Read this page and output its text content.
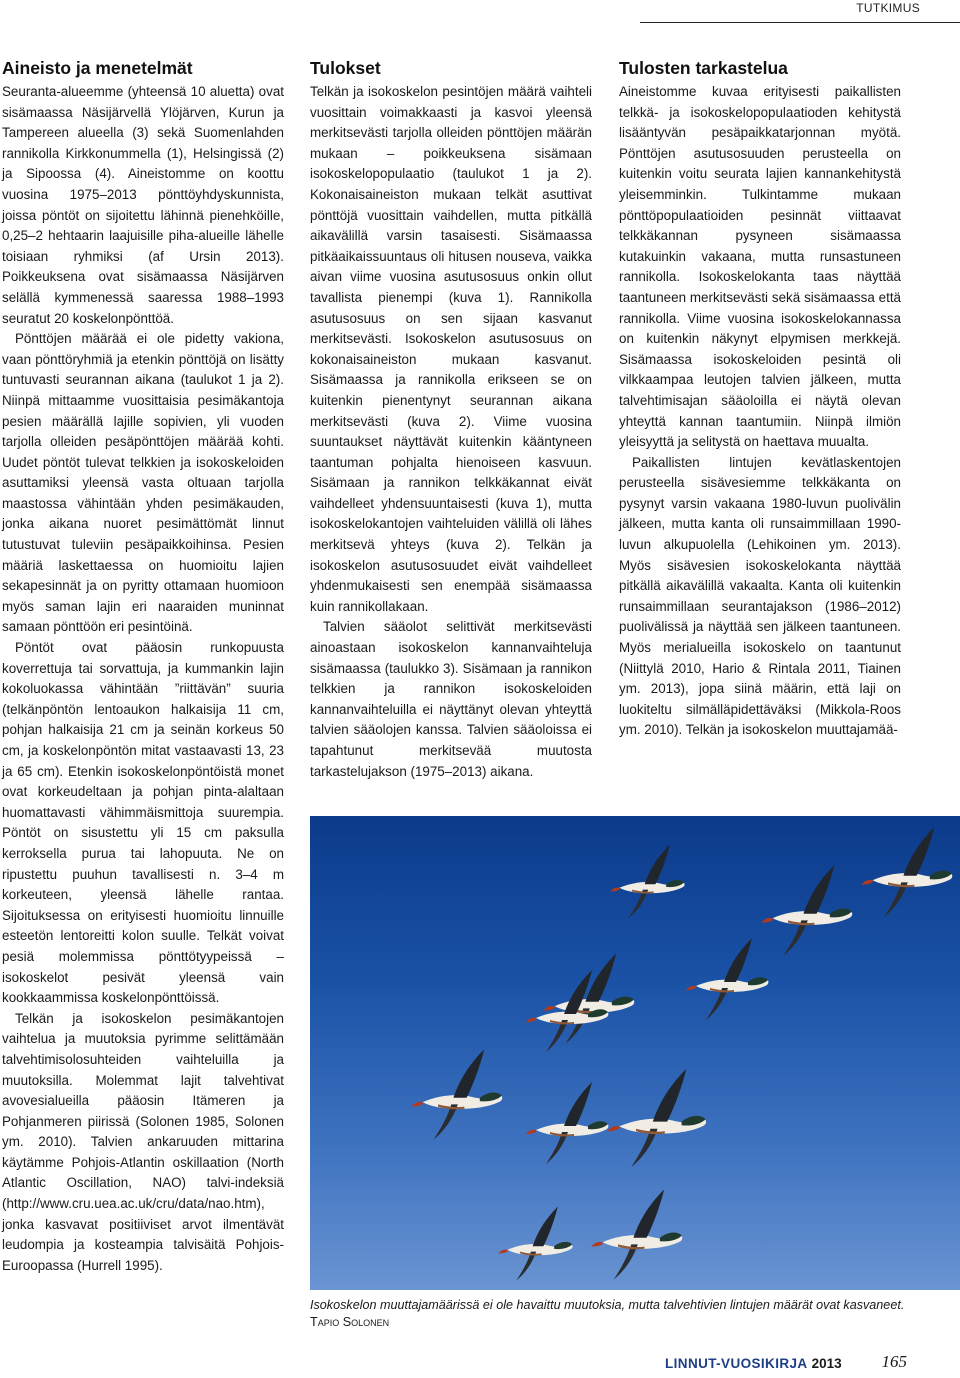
TUTKIMUS
Aineisto ja menetelmät

Seuranta-alueemme (yhteensä 10 aluetta) ovat sisämaassa Näsijärvellä Ylöjärven, Kurun ja Tampereen alueella (3) sekä Suomenlahden rannikolla Kirkkonummella (1), Helsingissä (2) ja Sipoossa (4). Aineistomme on koottu vuosina 1975–2013 pönttöyhdyskunnista, joissa pöntöt on sijoitettu lähinnä pienehköille, 0,25–2 hehtaarin laajuisille piha-alueille lähelle toisiaan ryhmiksi (af Ursin 2013). Poikkeuksena ovat sisämaassa Näsijärven selällä kymmenessä saaressa 1988–1993 seuratut 20 koskelonpönttöä.

Pönttöjen määrää ei ole pidetty vakiona, vaan pönttöryhmiä ja etenkin pönttöjä on lisätty tuntuvasti seurannan aikana (taulukot 1 ja 2). Niinpä mittaamme vuosittaisia pesimäkantoja pesien määrällä lajille sopivien, yli vuoden tarjolla olleiden pesäpönttöjen määrää kohti. Uudet pöntöt tulevat telkkien ja isokoskeloiden asuttamiksi yleensä vasta oltuaan tarjolla maastossa vähintään yhden pesimäkauden, jonka aikana nuoret pesimättömät linnut tutustuvat tuleviin pesäpaikkoihinsa. Pesien määriä laskettaessa on huomioitu lajien sekapesinnät ja on pyritty ottamaan huomioon myös saman lajin eri naaraiden muninnat samaan pönttöön eri pesintöinä.

Pöntöt ovat pääosin runkopuusta koverrettuja tai sorvattuja, ja kummankin lajin kokoluokassa vähintään ”riittävän” suuria (telkänpöntön lentoaukon halkaisija 11 cm, pohjan halkaisija 21 cm ja seinän korkeus 50 cm, ja koskelonpöntön mitat vastaavasti 13, 23 ja 65 cm). Etenkin isokoskelonpöntöistä monet ovat korkeudeltaan ja pohjan pinta-alaltaan huomattavasti vähimmäismittoja suurempia. Pöntöt on sisustettu yli 15 cm paksulla kerroksella purua tai lahopuuta. Ne on ripustettu puuhun tavallisesti n. 3–4 m korkeuteen, yleensä lähelle rantaa. Sijoituksessa on erityisesti huomioitu linnuille esteetön lentoreitti kolon suulle. Telkät voivat pesiä molemmissa pönttötyypeissä – isokoskelot pesivät yleensä vain kookkaammissa koskelonpönttöissä.

Telkän ja isokoskelon pesimäkantojen vaihtelua ja muutoksia pyrimme selittämään talvehtimisolosuhteiden vaihteluilla ja muutoksilla. Molemmat lajit talvehtivat avovesialueilla pääosin Itämeren ja Pohjanmeren piirissä (Solonen 1985, Solonen ym. 2010). Talvien ankaruuden mittarina käytämme Pohjois-Atlantin oskillaation (North Atlantic Oscillation, NAO) talvi-indeksiä (http://www.cru.uea.ac.uk/cru/data/nao.htm), jonka kasvavat positiiviset arvot ilmentävät leudompia ja kosteampia talvisäitä Pohjois-Euroopassa (Hurrell 1995).

Tulokset

Telkän ja isokoskelon pesintöjen määrä vaihteli vuosittain voimakkaasti ja kasvoi yleensä merkitsevästi tarjolla olleiden pönttöjen määrän mukaan – poikkeuksena sisämaan isokoskelopopulaatio (taulukot 1 ja 2). Kokonaisaineiston mukaan telkät asuttivat pönttöjä vuosittain vaihdellen, mutta pitkällä aikavälillä varsin tasaisesti. Sisämaassa pitkäaikaissuuntaus oli hitusen nouseva, vaikka aivan viime vuosina asutusosuus onkin ollut tavallista pienempi (kuva 1). Rannikolla asutusosuus on sen sijaan kasvanut merkitsevästi. Isokoskelon asutusosuus on kokonaisaineiston mukaan kasvanut. Sisämaassa ja rannikolla erikseen se on kuitenkin pienentynyt seurannan aikana merkitsevästi (kuva 2). Viime vuosina suuntaukset näyttävät kuitenkin kääntyneen taantuman pohjalta hienoiseen kasvuun. Sisämaan ja rannikon telkkäkannat eivät vaihdelleet yhdensuuntaisesti (kuva 1), mutta isokoskelokantojen vaihteluiden välillä oli lähes merkitsevä yhteys (kuva 2). Telkän ja isokoskelon asutusosuudet eivät vaihdelleet yhdenmukaisesti sen enempää sisämaassa kuin rannikollakaan.

Talvien sääolot selittivät merkitsevästi ainoastaan isokoskelon kannanvaihteluja sisämaassa (taulukko 3). Sisämaan ja rannikon telkkien ja rannikon isokoskeloiden kannanvaihteluilla ei näyttänyt olevan yhteyttä talvien sääolojen kanssa. Talvien sääoloissa ei tapahtunut merkitsevää muutosta tarkastelujakson (1975–2013) aikana.

Tulosten tarkastelua

Aineistomme kuvaa erityisesti paikallisten telkkä- ja isokoskelopopulaatioden kehitystä lisääntyvän pesäpaikkatarjonnan myötä. Pönttöjen asutusosuuden perusteella on kuitenkin voitu seurata lajien kannankehitystä yleisemminkin. Tulkintamme mukaan pönttöpopulaatioiden pesinnät viittaavat telkkäkannan pysyneen sisämaassa kutakuinkin vakaana, mutta runsastuneen rannikolla. Isokoskelokanta taas näyttää taantuneen merkitsevästi sekä sisämaassa että rannikolla. Viime vuosina isokoskelokannassa on kuitenkin näkynyt elpymisen merkkejä. Sisämaassa isokoskeloiden pesintä oli vilkkaampaa leutojen talvien jälkeen, mutta talvehtimisajan sääoloilla ei näytä olevan yhteyttä kannan taantumiin. Niinpä ilmiön yleisyyttä ja selitystä on haettava muualta.

Paikallisten lintujen kevätlaskentojen perusteella sisävesiemme telkkäkanta on pysynyt varsin vakaana 1980-luvun puolivälin jälkeen, mutta kanta oli runsaimmillaan 1990-luvun alkupuolella (Lehikoinen ym. 2013). Myös sisävesien isokoskelokanta näyttää pitkällä aikavälillä vakaalta. Kanta oli kuitenkin runsaimmillaan seurantajakson (1986–2012) puolivälissä ja näyttää sen jälkeen taantuneen. Myös merialueilla isokoskelo on taantunut (Niittylä 2010, Hario & Rintala 2011, Tiainen ym. 2013), jopa siinä määrin, että laji on luokiteltu silmälläpidettäväksi (Mikkola-Roos ym. 2010). Telkän ja isokoskelon muuttajamää-

Isokoskelon muuttajamäärissä ei ole havaittu muutoksia, mutta talvehtivien lintujen määrät ovat kasvaneet. Tapio Solonen
LINNUT-VUOSIKIRJA 2013 165
